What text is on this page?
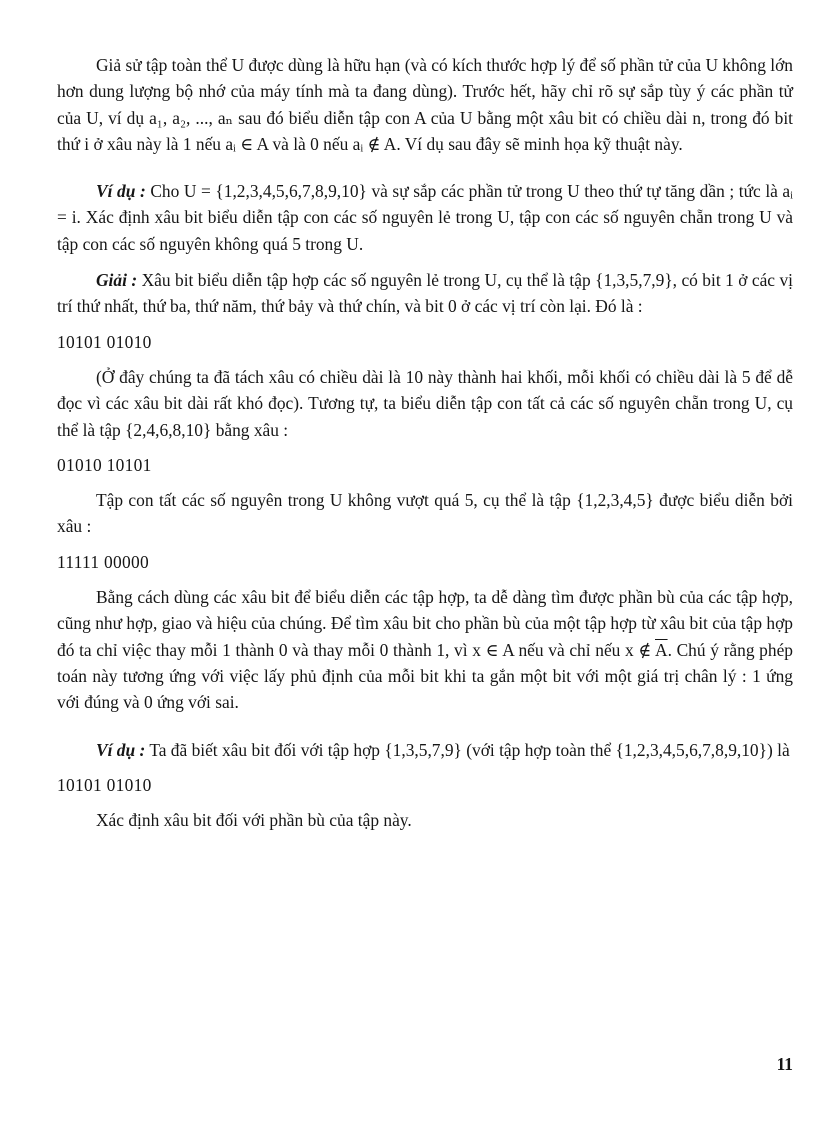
Giả sử tập toàn thể U được dùng là hữu hạn (và có kích thước hợp lý để số phần tử của U không lớn hơn dung lượng bộ nhớ của máy tính mà ta đang dùng). Trước hết, hãy chỉ rõ sự sắp tùy ý các phần tử của U, ví dụ a₁, a₂, ..., aₙ sau đó biểu diễn tập con A của U bằng một xâu bit có chiều dài n, trong đó bit thứ i ở xâu này là 1 nếu aᵢ ∈ A và là 0 nếu aᵢ ∉ A. Ví dụ sau đây sẽ minh họa kỹ thuật này.

Ví dụ : Cho U = {1,2,3,4,5,6,7,8,9,10} và sự sắp các phần tử trong U theo thứ tự tăng dần ; tức là aᵢ = i. Xác định xâu bit biểu diễn tập con các số nguyên lẻ trong U, tập con các số nguyên chẵn trong U và tập con các số nguyên không quá 5 trong U.

Giải : Xâu bit biểu diễn tập hợp các số nguyên lẻ trong U, cụ thể là tập {1,3,5,7,9}, có bit 1 ở các vị trí thứ nhất, thứ ba, thứ năm, thứ bảy và thứ chín, và bit 0 ở các vị trí còn lại. Đó là :

10101 01010

(Ở đây chúng ta đã tách xâu có chiều dài là 10 này thành hai khối, mỗi khối có chiều dài là 5 để dễ đọc vì các xâu bit dài rất khó đọc). Tương tự, ta biểu diễn tập con tất cả các số nguyên chẵn trong U, cụ thể là tập {2,4,6,8,10} bằng xâu :

01010 10101

Tập con tất các số nguyên trong U không vượt quá 5, cụ thể là tập {1,2,3,4,5} được biểu diễn bởi xâu :

11111 00000

Bằng cách dùng các xâu bit để biểu diễn các tập hợp, ta dễ dàng tìm được phần bù của các tập hợp, cũng như hợp, giao và hiệu của chúng. Để tìm xâu bit cho phần bù của một tập hợp từ xâu bit của tập hợp đó ta chỉ việc thay mỗi 1 thành 0 và thay mỗi 0 thành 1, vì x ∈ A nếu và chỉ nếu x ∉ $\overline{A}$. Chú ý rằng phép toán này tương ứng với việc lấy phủ định của mỗi bit khi ta gắn một bit với một giá trị chân lý : 1 ứng với đúng và 0 ứng với sai.

Ví dụ : Ta đã biết xâu bit đối với tập hợp {1,3,5,7,9} (với tập hợp toàn thể {1,2,3,4,5,6,7,8,9,10}) là

10101 01010

Xác định xâu bit đối với phần bù của tập này.

11
